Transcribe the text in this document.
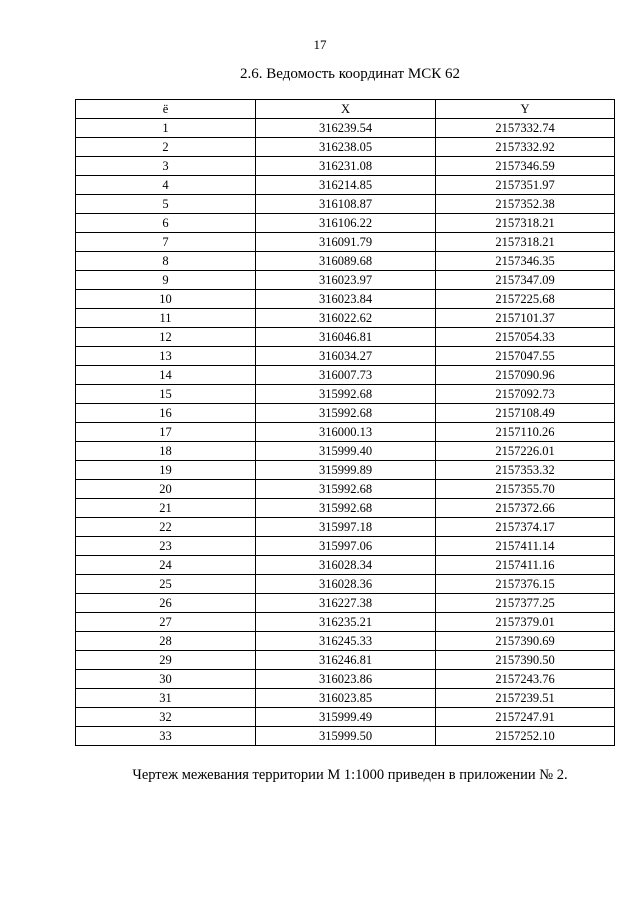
17
2.6. Ведомость координат МСК 62
ё	X	Y
1	316239.54	2157332.74
2	316238.05	2157332.92
3	316231.08	2157346.59
4	316214.85	2157351.97
5	316108.87	2157352.38
6	316106.22	2157318.21
7	316091.79	2157318.21
8	316089.68	2157346.35
9	316023.97	2157347.09
10	316023.84	2157225.68
11	316022.62	2157101.37
12	316046.81	2157054.33
13	316034.27	2157047.55
14	316007.73	2157090.96
15	315992.68	2157092.73
16	315992.68	2157108.49
17	316000.13	2157110.26
18	315999.40	2157226.01
19	315999.89	2157353.32
20	315992.68	2157355.70
21	315992.68	2157372.66
22	315997.18	2157374.17
23	315997.06	2157411.14
24	316028.34	2157411.16
25	316028.36	2157376.15
26	316227.38	2157377.25
27	316235.21	2157379.01
28	316245.33	2157390.69
29	316246.81	2157390.50
30	316023.86	2157243.76
31	316023.85	2157239.51
32	315999.49	2157247.91
33	315999.50	2157252.10
Чертеж межевания территории М 1:1000 приведен в приложении № 2.
